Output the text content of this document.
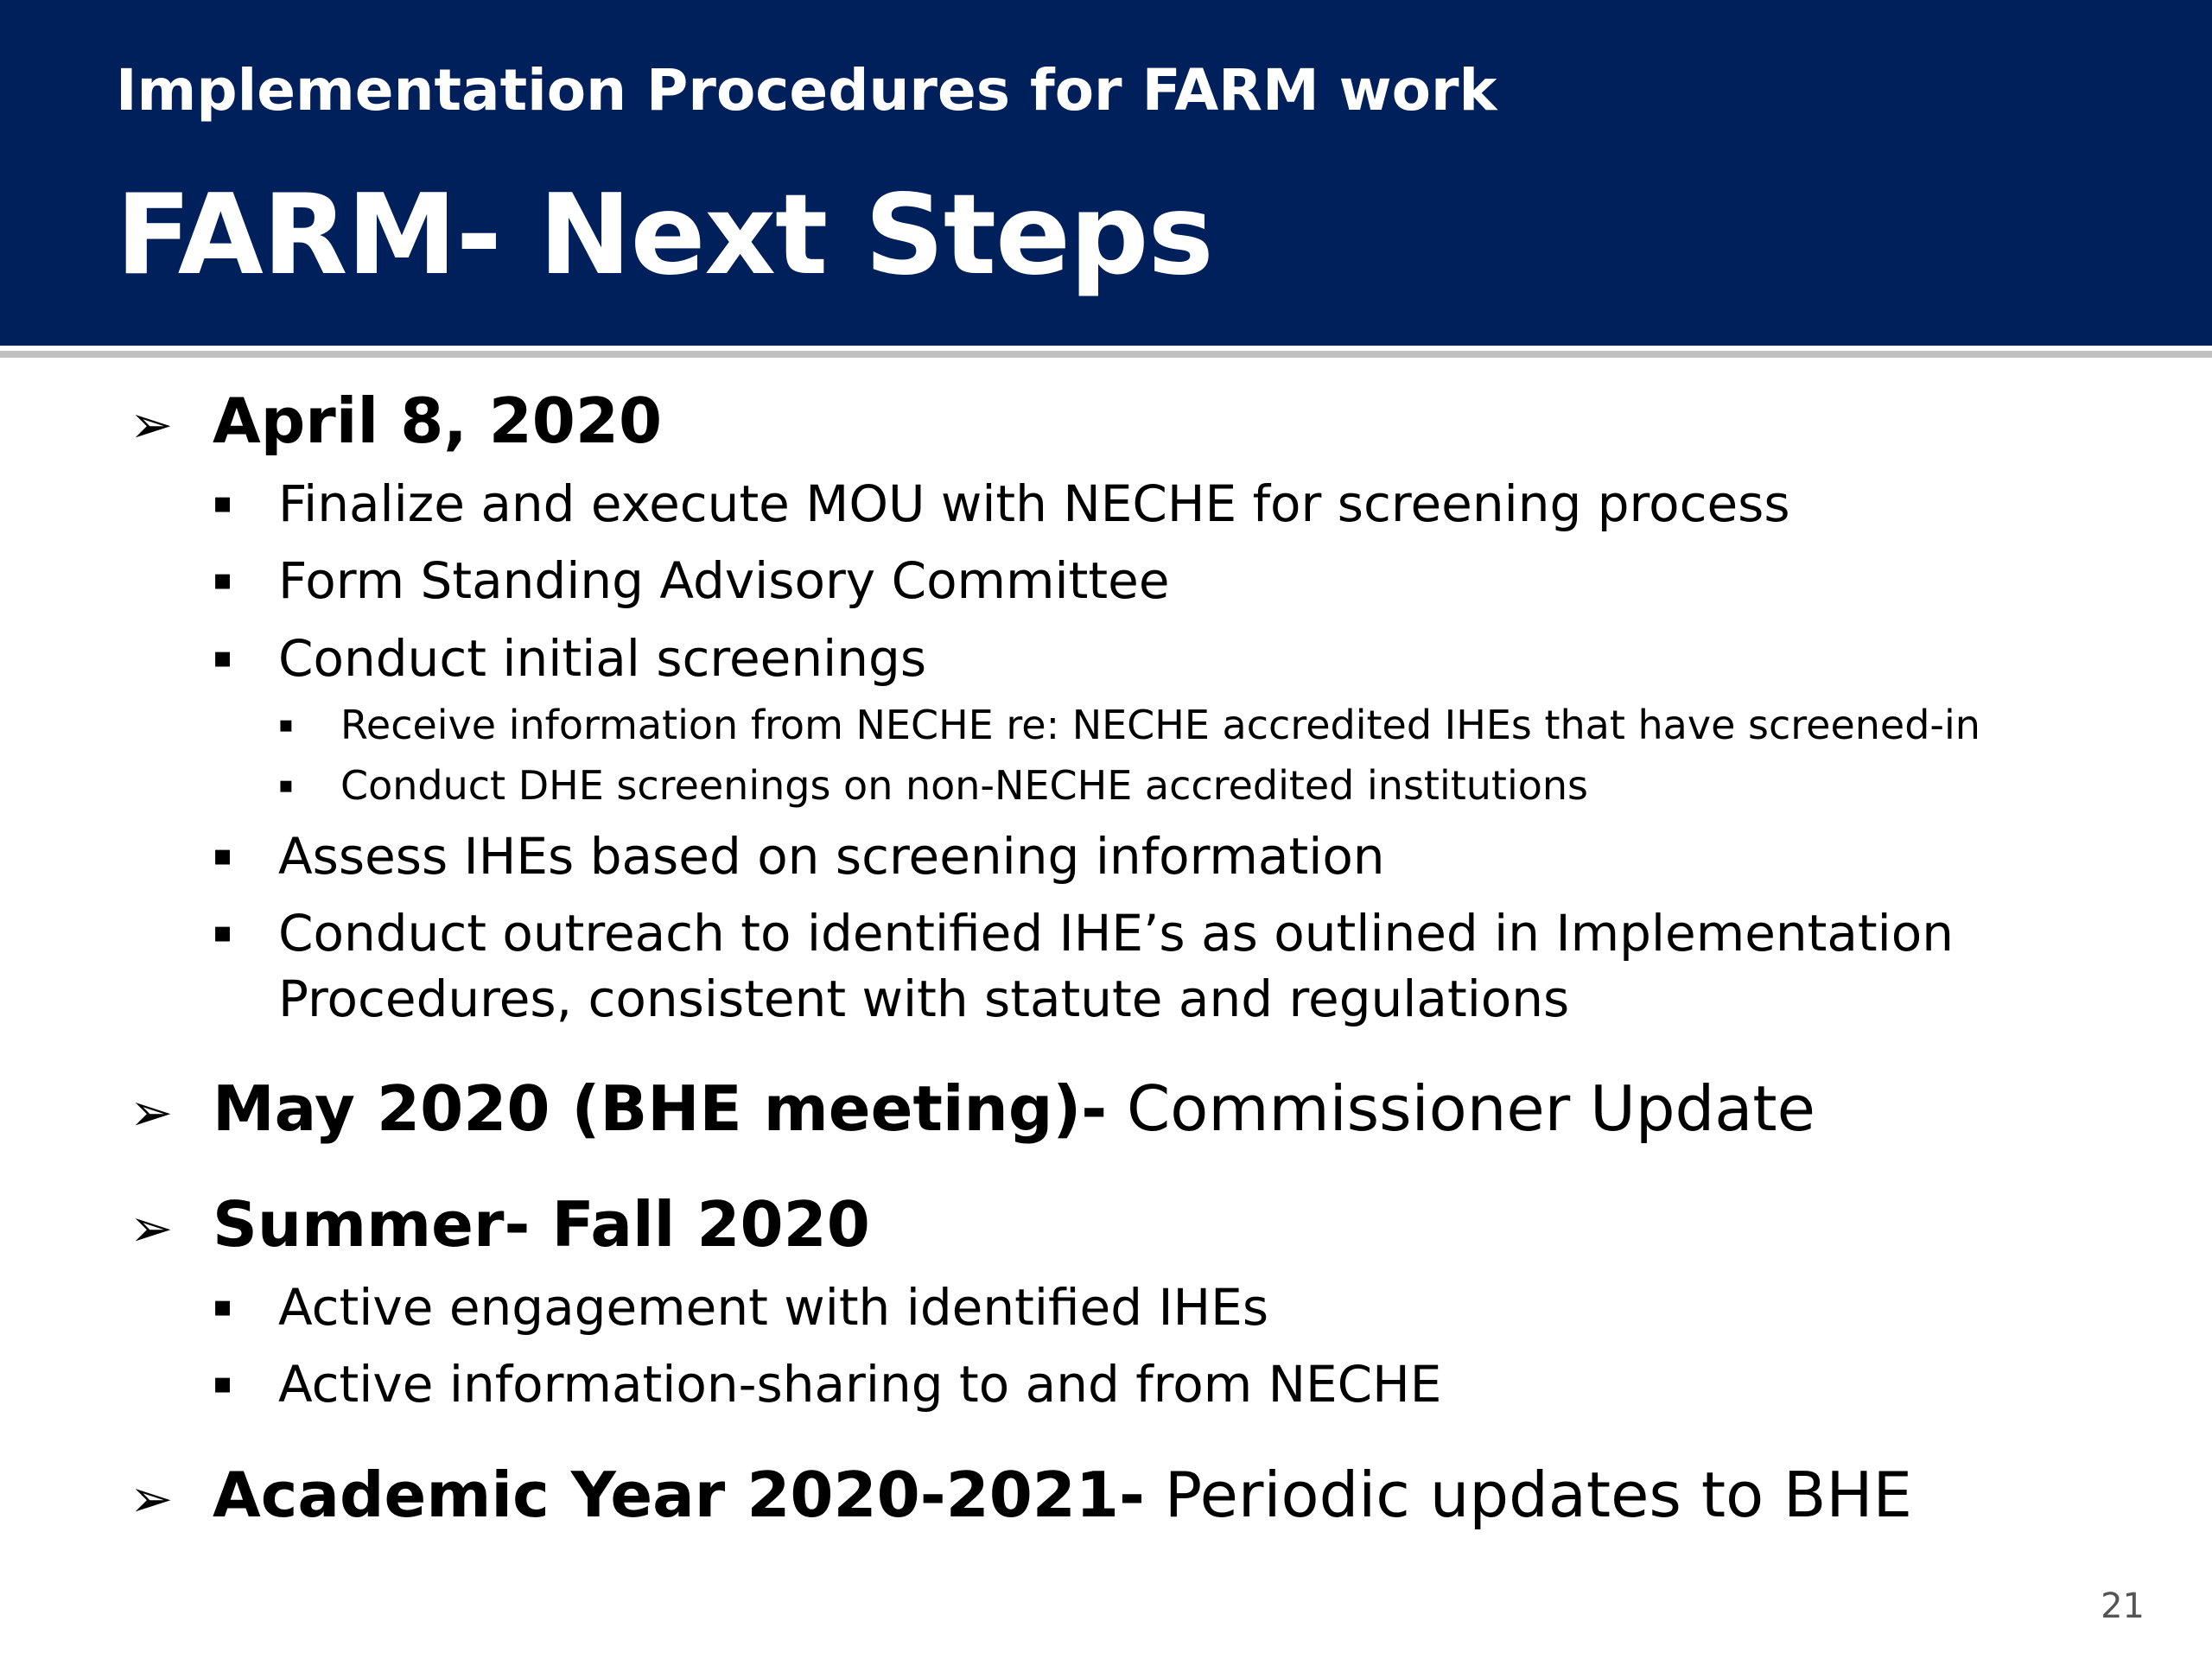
Implementation Procedures for FARM work
FARM- Next Steps
➢ April 8, 2020
▪ Finalize and execute MOU with NECHE for screening process
▪ Form Standing Advisory Committee
▪ Conduct initial screenings
▪	Receive information from NECHE re: NECHE accredited IHEs that have screened-in
▪	Conduct DHE screenings on non-NECHE accredited institutions
▪ Assess IHEs based on screening information
▪ Conduct outreach to identified IHE’s as outlined in Implementation Procedures, consistent with statute and regulations
➢ May 2020 (BHE meeting)- Commissioner Update
➢ Summer- Fall 2020
▪ Active engagement with identified IHEs
▪ Active information-sharing to and from NECHE
➢ Academic Year 2020-2021- Periodic updates to BHE
21
